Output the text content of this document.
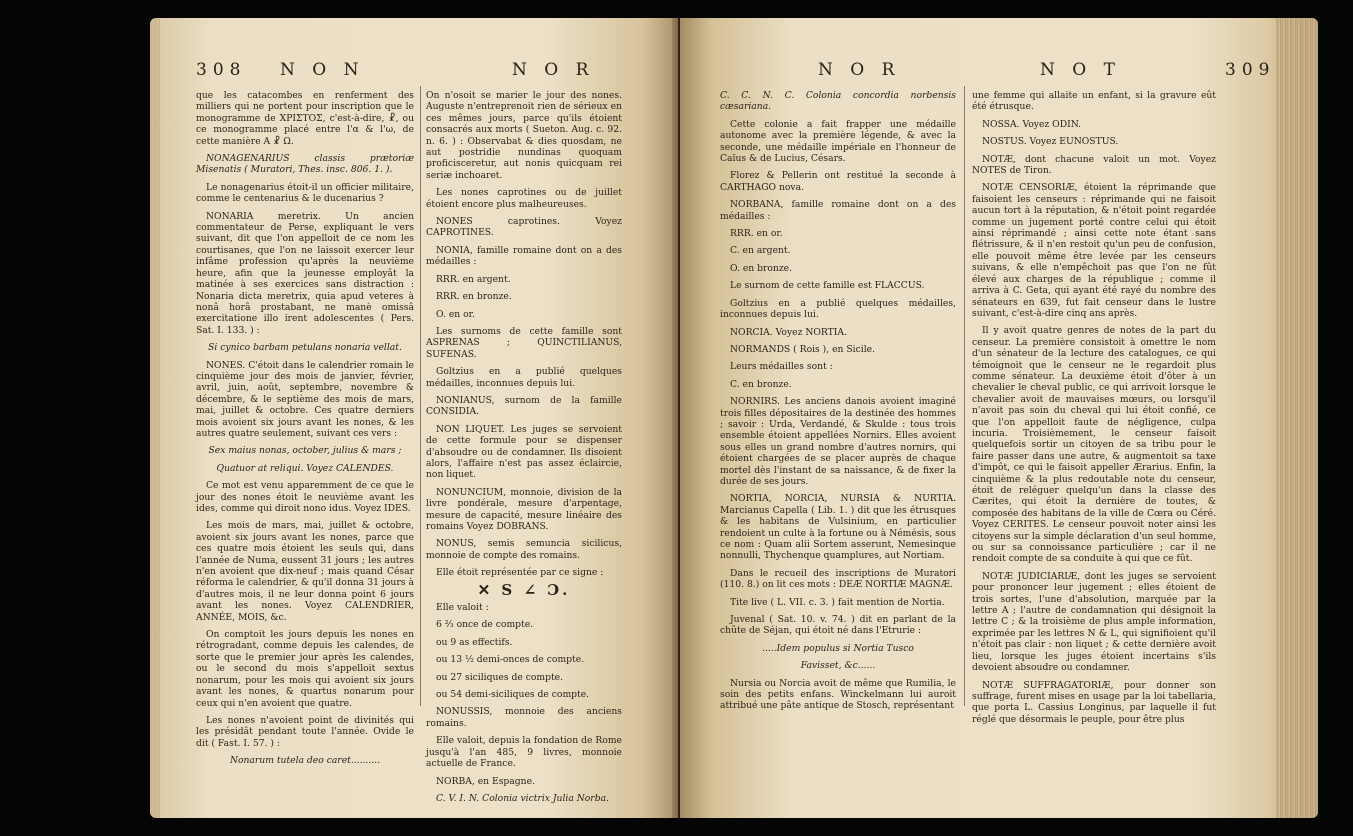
308 N O N	N O R

que les catacombes en renferment des milliers qui ne portent pour inscription que le monogramme de ΧΡΙΣΤΟΣ, c'est-à-dire, ☧, ou ce monogramme placé entre l'α & l'ω, de cette manière A ☧ Ω.

NONAGENARIUS classis prætoriæ Misenatis ( Muratori, Thes. insc. 806. 1. ).

Le nonagenarius étoit-il un officier militaire, comme le centenarius & le ducenarius ?

NONARIA meretrix. Un ancien commentateur de Perse, expliquant le vers suivant, dit que l'on appelloit de ce nom les courtisanes, que l'on ne laissoit exercer leur infâme profession qu'après la neuvième heure, afin que la jeunesse employât la matinée à ses exercices sans distraction : Nonaria dicta meretrix, quia apud veteres à nonâ horâ prostabant, ne manè omissâ exercitatione illo irent adolescentes ( Pers. Sat. I. 133. ) :

Si cynico barbam petulans nonaria vellat.

NONES. C'étoit dans le calendrier romain le cinquième jour des mois de janvier, février, avril, juin, août, septembre, novembre & décembre, & le septième des mois de mars, mai, juillet & octobre. Ces quatre derniers mois avoient six jours avant les nones, & les autres quatre seulement, suivant ces vers :

Sex maius nonas, october, julius & mars ;

Quatuor at reliqui. Voyez CALENDES.

Ce mot est venu apparemment de ce que le jour des nones étoit le neuvième avant les ides, comme qui diroit nono idus. Voyez IDES.

Les mois de mars, mai, juillet & octobre, avoient six jours avant les nones, parce que ces quatre mois étoient les seuls qui, dans l'année de Numa, eussent 31 jours ; les autres n'en avoient que dix-neuf ; mais quand César réforma le calendrier, & qu'il donna 31 jours à d'autres mois, il ne leur donna point 6 jours avant les nones. Voyez CALENDRIER, ANNÉE, MOIS, &c.

On comptoit les jours depuis les nones en rétrogradant, comme depuis les calendes, de sorte que le premier jour après les calendes, ou le second du mois s'appelloit sextus nonarum, pour les mois qui avoient six jours avant les nones, & quartus nonarum pour ceux qui n'en avoient que quatre.

Les nones n'avoient point de divinités qui les présidât pendant toute l'année. Ovide le dit ( Fast. I. 57. ) :

Nonarum tutela deo caret..........

On n'osoit se marier le jour des nones. Auguste n'entreprenoit rien de sérieux en ces mêmes jours, parce qu'ils étoient consacrés aux morts ( Sueton. Aug. c. 92. n. 6. ) : Observabat & dies quosdam, ne aut postridie nundinas quoquam proficisceretur, aut nonis quicquam rei seriæ inchoaret.

Les nones caprotines ou de juillet étoient encore plus malheureuses.

NONES caprotines. Voyez CAPROTINES.

NONIA, famille romaine dont on a des médailles :

RRR. en argent.

RRR. en bronze.

O. en or.

Les surnoms de cette famille sont ASPRENAS ; QUINCTILIANUS, SUFENAS.

Goltzius en a publié quelques médailles, inconnues depuis lui.

NONIANUS, surnom de la famille CONSIDIA.

NON LIQUET. Les juges se servoient de cette formule pour se dispenser d'absoudre ou de condamner. Ils disoient alors, l'affaire n'est pas assez éclaircie, non liquet.

NONUNCIUM, monnoie, division de la livre pondérale, mesure d'arpentage, mesure de capacité, mesure linéaire des romains Voyez DOBRANS.

NONUS, semis semuncia sicilicus, monnoie de compte des romains.

Elle étoit représentée par ce signe :

✕ S ∠ Ɔ.

Elle valoit :

6 ⅔ once de compte.

ou 9 as effectifs.

ou 13 ½ demi-onces de compte.

ou 27 siciliques de compte.

ou 54 demi-siciliques de compte.

NONUSSIS, monnoie des anciens romains.

Elle valoit, depuis la fondation de Rome jusqu'à l'an 485, 9 livres, monnoie actuelle de France.

NORBA, en Espagne.

C. V. I. N. Colonia victrix Julia Norba.

N O R	N O T	309

C. C. N. C. Colonia concordia norbensis cæsariana.

Cette colonie a fait frapper une médaille autonome avec la première légende, & avec la seconde, une médaille impériale en l'honneur de Caïus & de Lucius, Césars.

Florez & Pellerin ont restitué la seconde à CARTHAGO nova.

NORBANA, famille romaine dont on a des médailles :

RRR. en or.

C. en argent.

O. en bronze.

Le surnom de cette famille est FLACCUS.

Goltzius en a publié quelques médailles, inconnues depuis lui.

NORCIA. Voyez NORTIA.

NORMANDS ( Rois ), en Sicile.

Leurs médailles sont :

C. en bronze.

NORNIRS. Les anciens danois avoient imaginé trois filles dépositaires de la destinée des hommes ; savoir : Urda, Verdandé, & Skulde : tous trois ensemble étoient appellées Nornirs. Elles avoient sous elles un grand nombre d'autres nornirs, qui étoient chargées de se placer auprès de chaque mortel dès l'instant de sa naissance, & de fixer la durée de ses jours.

NORTIA, NORCIA, NURSIA & NURTIA. Marcianus Capella ( Lib. 1. ) dit que les étrusques & les habitans de Vulsinium, en particulier rendoient un culte à la fortune ou à Némésis, sous ce nom : Quam alii Sortem asserunt, Nemesinque nonnulli, Thychenque quamplures, aut Nortiam.

Dans le recueil des inscriptions de Muratori (110. 8.) on lit ces mots : DEÆ NORTIÆ MAGNÆ.

Tite live ( L. VII. c. 3. ) fait mention de Nortia.

Juvenal ( Sat. 10. v. 74. ) dit en parlant de la chûte de Séjan, qui étoit né dans l'Etrurie :

.....Idem populus si Nortia Tusco

Favisset, &c......

Nursia ou Norcia avoit de même que Rumilia, le soin des petits enfans. Winckelmann lui auroit attribué une pâte antique de Stosch, représentant

une femme qui allaite un enfant, si la gravure eût été étrusque.

NOSSA. Voyez ODIN.

NOSTUS. Voyez EUNOSTUS.

NOTÆ, dont chacune valoit un mot. Voyez NOTES de Tiron.

NOTÆ CENSORIÆ, étoient la réprimande que faisoient les censeurs : réprimande qui ne faisoit aucun tort à la réputation, & n'étoit point regardée comme un jugement porté contre celui qui étoit ainsi réprimandé ; ainsi cette note étant sans flétrissure, & il n'en restoit qu'un peu de confusion, elle pouvoit même être levée par les censeurs suivans, & elle n'empêchoit pas que l'on ne fût élevé aux charges de la république ; comme il arriva à C. Geta, qui ayant été rayé du nombre des sénateurs en 639, fut fait censeur dans le lustre suivant, c'est-à-dire cinq ans après.

Il y avoit quatre genres de notes de la part du censeur. La première consistoit à omettre le nom d'un sénateur de la lecture des catalogues, ce qui témoignoit que le censeur ne le regardoit plus comme sénateur. La deuxième étoit d'ôter à un chevalier le cheval public, ce qui arrivoit lorsque le chevalier avoit de mauvaises mœurs, ou lorsqu'il n'avoit pas soin du cheval qui lui étoit confié, ce que l'on appelloit faute de négligence, culpa incuria. Troisièmement, le censeur faisoit quelquefois sortir un citoyen de sa tribu pour le faire passer dans une autre, & augmentoit sa taxe d'impôt, ce qui le faisoit appeller Ærarius. Enfin, la cinquième & la plus redoutable note du censeur, étoit de reléguer quelqu'un dans la classe des Cærites, qui étoit la dernière de toutes, & composée des habitans de la ville de Cœra ou Céré. Voyez CERITES. Le censeur pouvoit noter ainsi les citoyens sur la simple déclaration d'un seul homme, ou sur sa connoissance particulière ; car il ne rendoit compte de sa conduite à qui que ce fût.

NOTÆ JUDICIARIÆ, dont les juges se servoient pour prononcer leur jugement ; elles étoient de trois sortes, l'une d'absolution, marquée par la lettre A ; l'autre de condamnation qui désignoit la lettre C ; & la troisième de plus ample information, exprimée par les lettres N & L, qui signifioient qu'il n'étoit pas clair : non liquet ; & cette dernière avoit lieu, lorsque les juges étoient incertains s'ils devoient absoudre ou condamner.

NOTÆ SUFFRAGATORIÆ, pour donner son suffrage, furent mises en usage par la loi tabellaria, que porta L. Cassius Longinus, par laquelle il fut réglé que désormais le peuple, pour être plus
